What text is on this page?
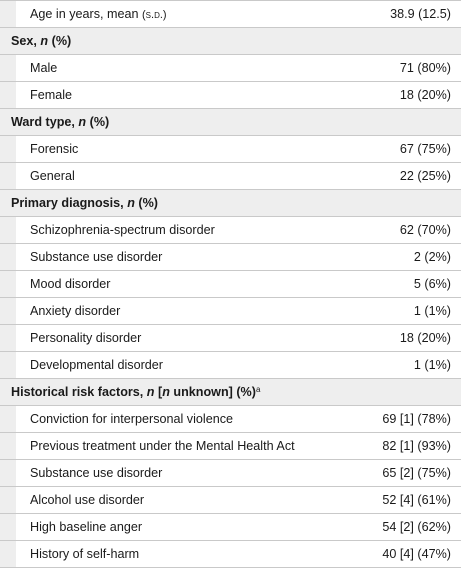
Age in years, mean (s.d.)	38.9 (12.5)
Sex, n (%)	
Male	71 (80%)
Female	18 (20%)
Ward type, n (%)	
Forensic	67 (75%)
General	22 (25%)
Primary diagnosis, n (%)	
Schizophrenia-spectrum disorder	62 (70%)
Substance use disorder	2 (2%)
Mood disorder	5 (6%)
Anxiety disorder	1 (1%)
Personality disorder	18 (20%)
Developmental disorder	1 (1%)
Historical risk factors, n [n unknown] (%)$^a$
Conviction for interpersonal violence	69 [1] (78%)
Previous treatment under the Mental Health Act	82 [1] (93%)
Substance use disorder	65 [2] (75%)
Alcohol use disorder	52 [4] (61%)
High baseline anger	54 [2] (62%)
History of self-harm	40 [4] (47%)
